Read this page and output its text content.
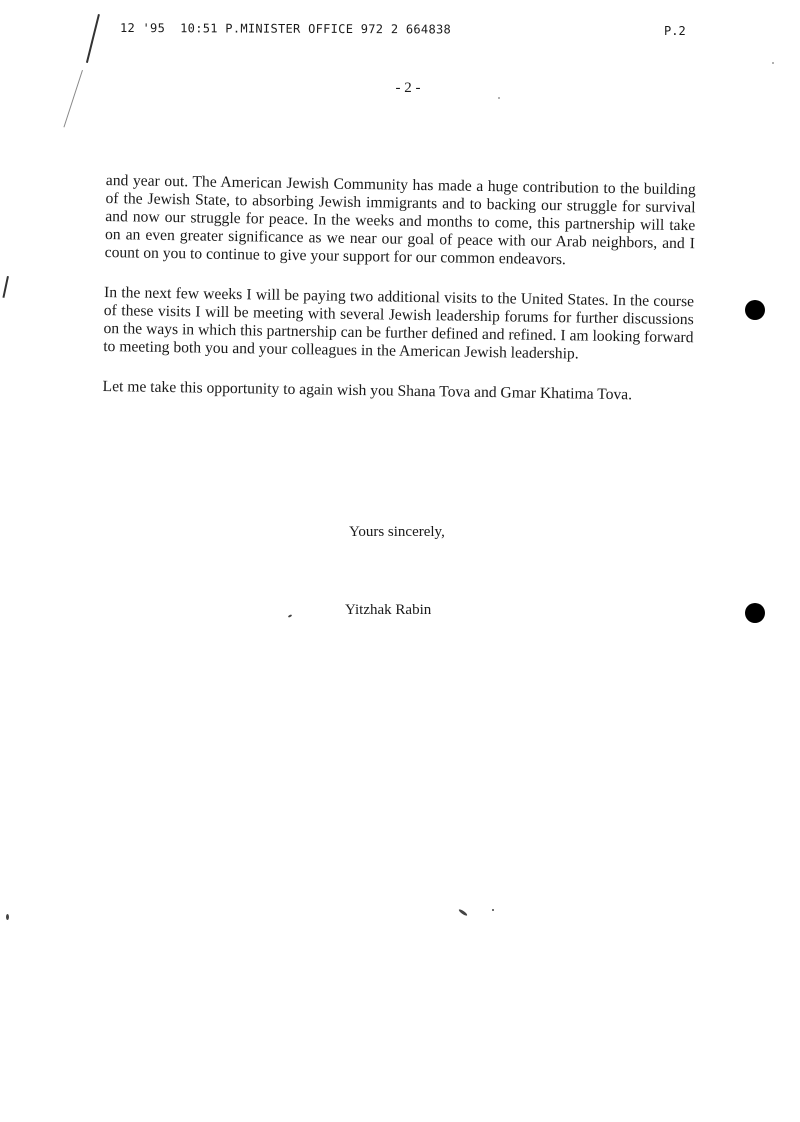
12 '95  10:51 P.MINISTER OFFICE 972 2 664838	P.2
- 2 -

and year out. The American Jewish Community has made a huge contribution to the building of the Jewish State, to absorbing Jewish immigrants and to backing our struggle for survival and now our struggle for peace. In the weeks and months to come, this partnership will take on an even greater significance as we near our goal of peace with our Arab neighbors, and I count on you to continue to give your support for our common endeavors.

In the next few weeks I will be paying two additional visits to the United States. In the course of these visits I will be meeting with several Jewish leadership forums for further discussions on the ways in which this partnership can be further defined and refined. I am looking forward to meeting both you and your colleagues in the American Jewish leadership.

Let me take this opportunity to again wish you Shana Tova and Gmar Khatima Tova.

Yours sincerely,
Yitzhak Rabin
